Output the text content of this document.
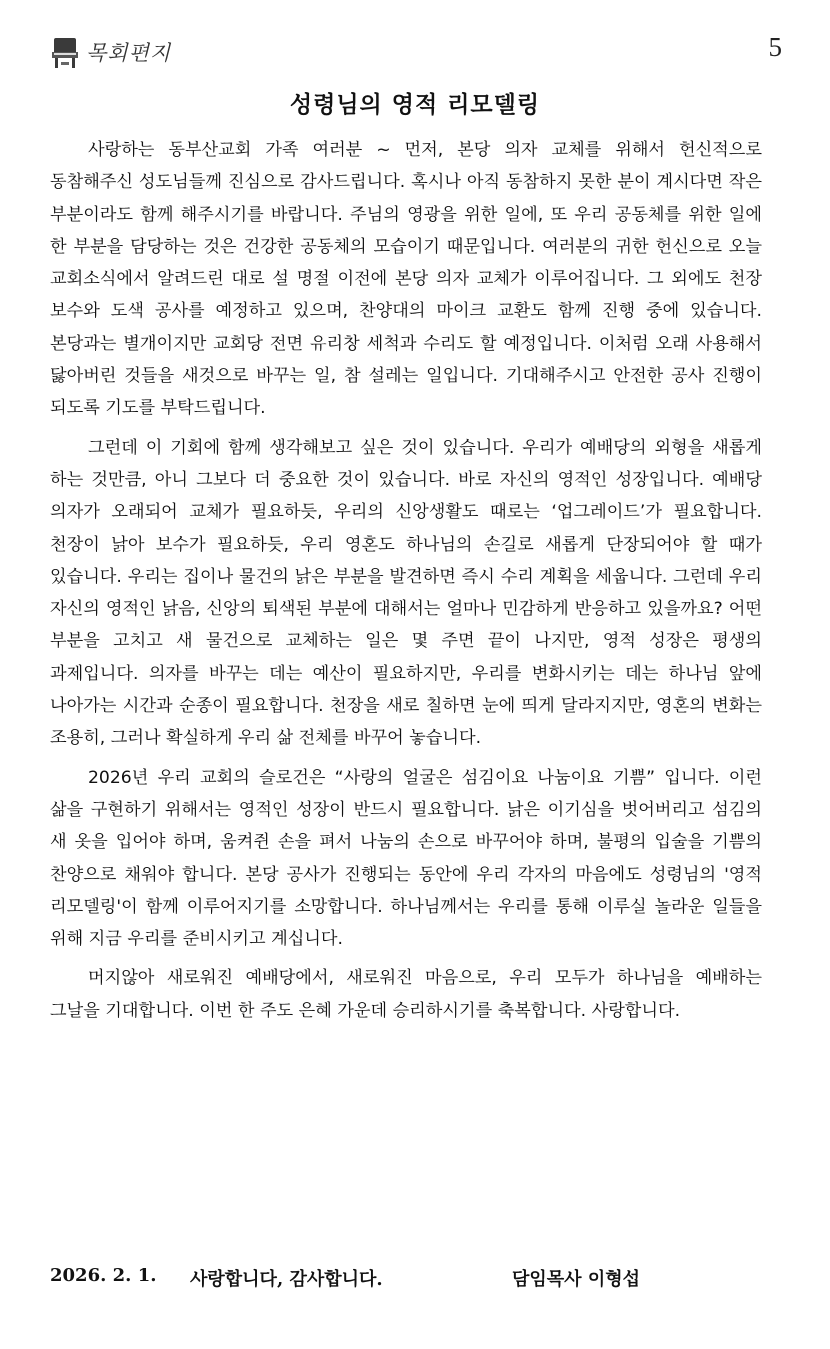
목회편지	5
성령님의 영적 리모델링

사랑하는 동부산교회 가족 여러분 ~ 먼저, 본당 의자 교체를 위해서 헌신적으로 동참해주신 성도님들께 진심으로 감사드립니다. 혹시나 아직 동참하지 못한 분이 계시다면 작은 부분이라도 함께 해주시기를 바랍니다. 주님의 영광을 위한 일에, 또 우리 공동체를 위한 일에 한 부분을 담당하는 것은 건강한 공동체의 모습이기 때문입니다. 여러분의 귀한 헌신으로 오늘 교회소식에서 알려드린 대로 설 명절 이전에 본당 의자 교체가 이루어집니다. 그 외에도 천장 보수와 도색 공사를 예정하고 있으며, 찬양대의 마이크 교환도 함께 진행 중에 있습니다. 본당과는 별개이지만 교회당 전면 유리창 세척과 수리도 할 예정입니다. 이처럼 오래 사용해서 닳아버린 것들을 새것으로 바꾸는 일, 참 설레는 일입니다. 기대해주시고 안전한 공사 진행이 되도록 기도를 부탁드립니다.

그런데 이 기회에 함께 생각해보고 싶은 것이 있습니다. 우리가 예배당의 외형을 새롭게 하는 것만큼, 아니 그보다 더 중요한 것이 있습니다. 바로 자신의 영적인 성장입니다. 예배당 의자가 오래되어 교체가 필요하듯, 우리의 신앙생활도 때로는 ‘업그레이드’가 필요합니다. 천장이 낡아 보수가 필요하듯, 우리 영혼도 하나님의 손길로 새롭게 단장되어야 할 때가 있습니다. 우리는 집이나 물건의 낡은 부분을 발견하면 즉시 수리 계획을 세웁니다. 그런데 우리 자신의 영적인 낡음, 신앙의 퇴색된 부분에 대해서는 얼마나 민감하게 반응하고 있을까요? 어떤 부분을 고치고 새 물건으로 교체하는 일은 몇 주면 끝이 나지만, 영적 성장은 평생의 과제입니다. 의자를 바꾸는 데는 예산이 필요하지만, 우리를 변화시키는 데는 하나님 앞에 나아가는 시간과 순종이 필요합니다. 천장을 새로 칠하면 눈에 띄게 달라지지만, 영혼의 변화는 조용히, 그러나 확실하게 우리 삶 전체를 바꾸어 놓습니다.

2026년 우리 교회의 슬로건은 “사랑의 얼굴은 섬김이요 나눔이요 기쁨” 입니다. 이런 삶을 구현하기 위해서는 영적인 성장이 반드시 필요합니다. 낡은 이기심을 벗어버리고 섬김의 새 옷을 입어야 하며, 움켜쥔 손을 펴서 나눔의 손으로 바꾸어야 하며, 불평의 입술을 기쁨의 찬양으로 채워야 합니다. 본당 공사가 진행되는 동안에 우리 각자의 마음에도 성령님의 '영적 리모델링'이 함께 이루어지기를 소망합니다. 하나님께서는 우리를 통해 이루실 놀라운 일들을 위해 지금 우리를 준비시키고 계십니다.

머지않아 새로워진 예배당에서, 새로워진 마음으로, 우리 모두가 하나님을 예배하는 그날을 기대합니다. 이번 한 주도 은혜 가운데 승리하시기를 축복합니다. 사랑합니다.

2026. 2. 1.	사랑합니다, 감사합니다.	담임목사 이형섭
